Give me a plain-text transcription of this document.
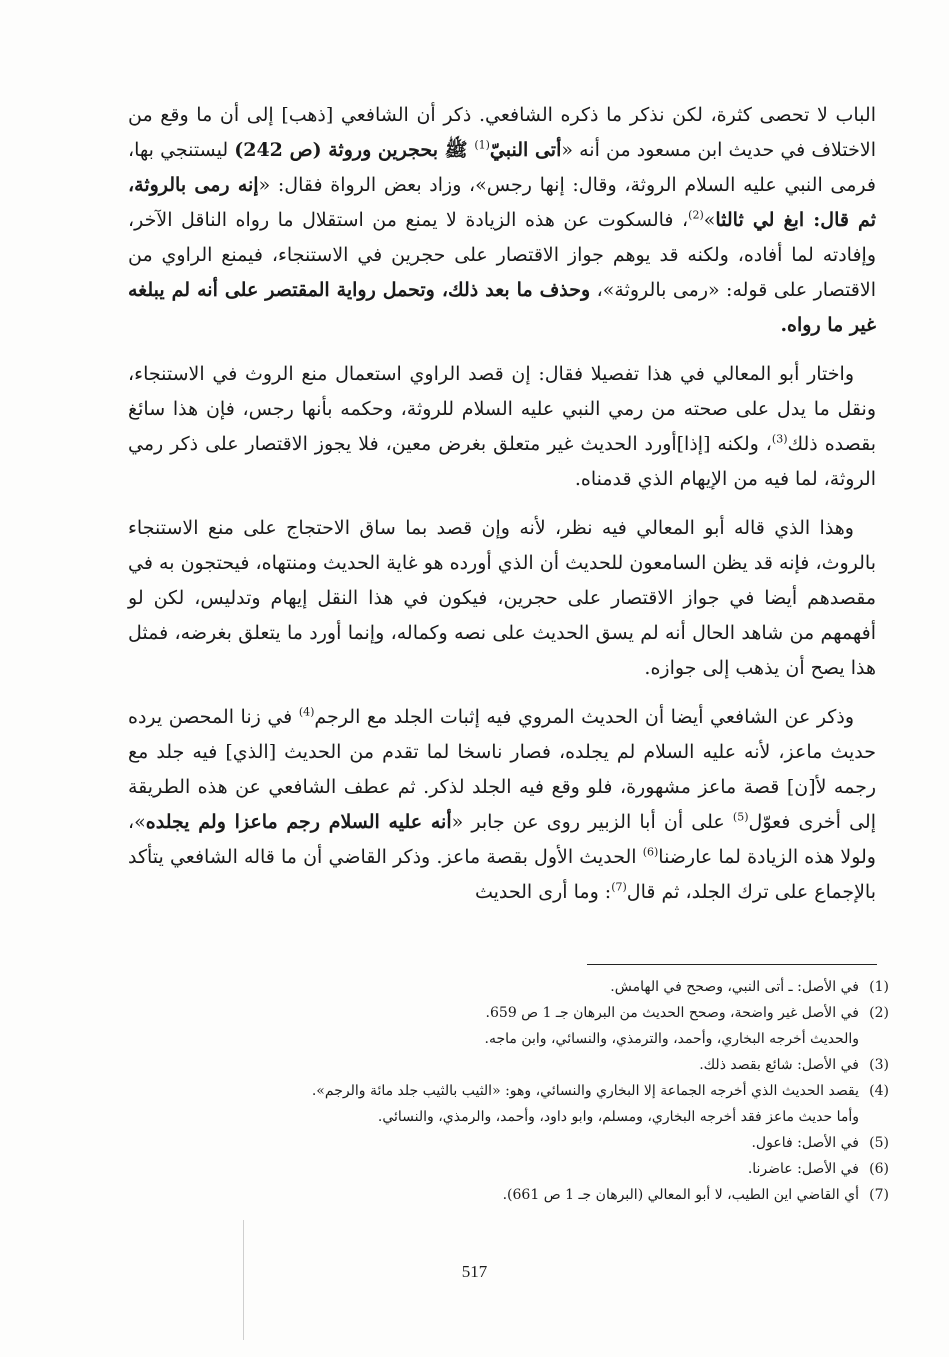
الباب لا تحصى كثرة، لكن نذكر ما ذكره الشافعي. ذكر أن الشافعي [ذهب] إلى أن ما وقع من الاختلاف في حديث ابن مسعود من أنه «أتى النبيّ$^{(1)}$ ﷺ بحجرين وروثة (ص 242) ليستنجي بها، فرمى النبي عليه السلام الروثة، وقال: إنها رجس»، وزاد بعض الرواة فقال: «إنه رمى بالروثة، ثم قال: ابغ لي ثالثا»$^{(2)}$، فالسكوت عن هذه الزيادة لا يمنع من استقلال ما رواه الناقل الآخر، وإفادته لما أفاده، ولكنه قد يوهم جواز الاقتصار على حجرين في الاستنجاء، فيمنع الراوي من الاقتصار على قوله: «رمى بالروثة»، وحذف ما بعد ذلك، وتحمل رواية المقتصر على أنه لم يبلغه غير ما رواه.

واختار أبو المعالي في هذا تفصيلا فقال: إن قصد الراوي استعمال منع الروث في الاستنجاء، ونقل ما يدل على صحته من رمي النبي عليه السلام للروثة، وحكمه بأنها رجس، فإن هذا سائغ بقصده ذلك$^{(3)}$، ولكنه [إذا]أورد الحديث غير متعلق بغرض معين، فلا يجوز الاقتصار على ذكر رمي الروثة، لما فيه من الإيهام الذي قدمناه.

وهذا الذي قاله أبو المعالي فيه نظر، لأنه وإن قصد بما ساق الاحتجاج على منع الاستنجاء بالروث، فإنه قد يظن السامعون للحديث أن الذي أورده هو غاية الحديث ومنتهاه، فيحتجون به في مقصدهم أيضا في جواز الاقتصار على حجرين، فيكون في هذا النقل إيهام وتدليس، لكن لو أفهمهم من شاهد الحال أنه لم يسق الحديث على نصه وكماله، وإنما أورد ما يتعلق بغرضه، فمثل هذا يصح أن يذهب إلى جوازه.

وذكر عن الشافعي أيضا أن الحديث المروي فيه إثبات الجلد مع الرجم$^{(4)}$ في زنا المحصن يرده حديث ماعز، لأنه عليه السلام لم يجلده، فصار ناسخا لما تقدم من الحديث [الذي] فيه جلد مع رجمه لأ[ن] قصة ماعز مشهورة، فلو وقع فيه الجلد لذكر. ثم عطف الشافعي عن هذه الطريقة إلى أخرى فعوّل$^{(5)}$ على أن أبا الزبير روى عن جابر «أنه عليه السلام رجم ماعزا ولم يجلده»، ولولا هذه الزيادة لما عارضنا$^{(6)}$ الحديث الأول بقصة ماعز. وذكر القاضي أن ما قاله الشافعي يتأكد بالإجماع على ترك الجلد، ثم قال$^{(7)}$: وما أرى الحديث

(1)
في الأصل: ـ أتى النبي، وصحح في الهامش.
(2)
في الأصل غير واضحة، وصحح الحديث من البرهان جـ 1 ص 659.
والحديث أخرجه البخاري، وأحمد، والترمذي، والنسائي، وابن ماجه.
(3)
في الأصل: شائع بقصد ذلك.
(4)
يقصد الحديث الذي أخرجه الجماعة إلا البخاري والنسائي، وهو: «الثيب بالثيب جلد مائة والرجم».
وأما حديث ماعز فقد أخرجه البخاري، ومسلم، وابو داود، وأحمد، والرمذي، والنسائي.
(5)
في الأصل: فاعول.
(6)
في الأصل: عاضرنا.
(7)
أي القاضي اين الطيب، لا أبو المعالي (البرهان جـ 1 ص 661).
517
